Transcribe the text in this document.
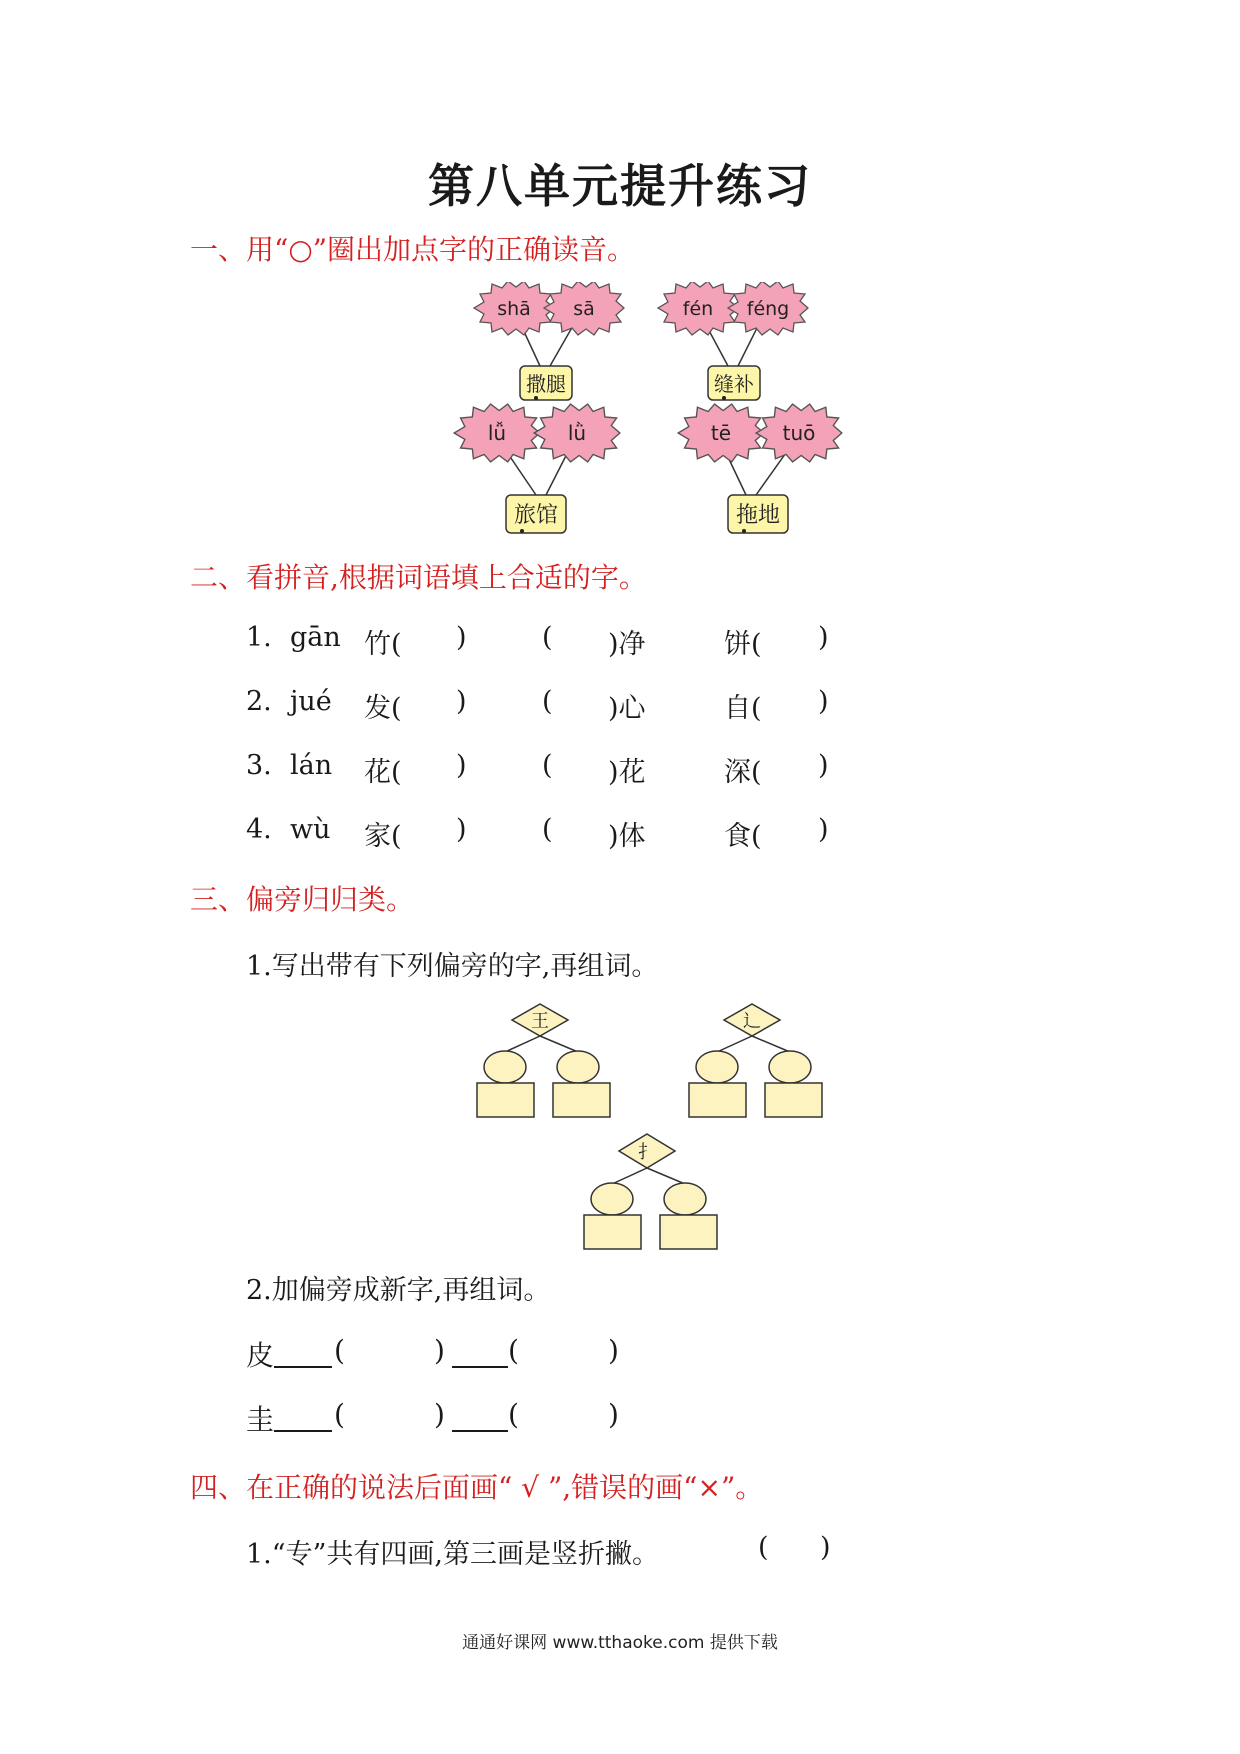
第八单元提升练习
一、用“○”圈出加点字的正确读音。
shā sā	fén féng
lǚ	lǜ	tē	tuō
撒腿	缝补
旅馆	拖地
二、看拼音,根据词语填上合适的字。
1. gān 竹( )	( )净	饼( )
2. jué 发( )	( )心	自( )
3. lán 花( )	( )花	深( )
4. wù 家( )	( )体	食( )
三、偏旁归归类。
1.写出带有下列偏旁的字,再组词。
王	辶
扌
2.加偏旁成新字,再组词。
皮 (	) (	)
圭 (	) (	)
四、在正确的说法后面画“ √ ”,错误的画“×”。
1.“专”共有四画,第三画是竖折撇。	( )
通通好课网 www.tthaoke.com 提供下载
